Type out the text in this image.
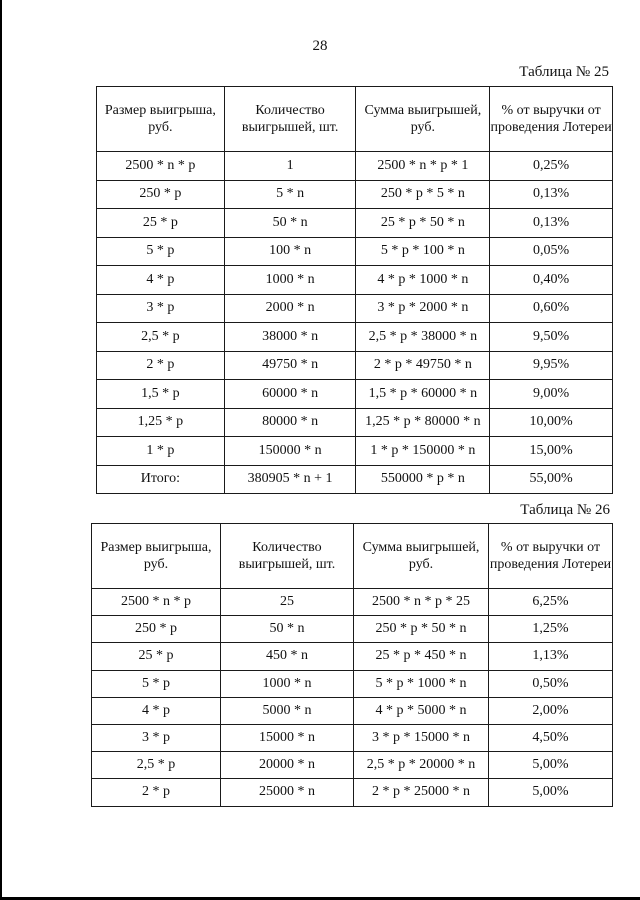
28
Таблица № 25
Размер выигрыша, руб.	Количество выигрышей, шт.	Сумма выигрышей, руб.	% от выручки от проведения Лотереи
2500 * n * p	1	2500 * n * p * 1	0,25%
250 * p	5 * n	250 * p * 5 * n	0,13%
25 * p	50 * n	25 * p * 50 * n	0,13%
5 * p	100 * n	5 * p * 100 * n	0,05%
4 * p	1000 * n	4 * p * 1000 * n	0,40%
3 * p	2000 * n	3 * p * 2000 * n	0,60%
2,5 * p	38000 * n	2,5 * p * 38000 * n	9,50%
2 * p	49750 * n	2 * p * 49750 * n	9,95%
1,5 * p	60000 * n	1,5 * p * 60000 * n	9,00%
1,25 * p	80000 * n	1,25 * p * 80000 * n	10,00%
1 * p	150000 * n	1 * p * 150000 * n	15,00%
Итого:	380905 * n + 1	550000 * p * n	55,00%
Таблица № 26
Размер выигрыша, руб.	Количество выигрышей, шт.	Сумма выигрышей, руб.	% от выручки от проведения Лотереи
2500 * n * p	25	2500 * n * p * 25	6,25%
250 * p	50 * n	250 * p * 50 * n	1,25%
25 * p	450 * n	25 * p * 450 * n	1,13%
5 * p	1000 * n	5 * p * 1000 * n	0,50%
4 * p	5000 * n	4 * p * 5000 * n	2,00%
3 * p	15000 * n	3 * p * 15000 * n	4,50%
2,5 * p	20000 * n	2,5 * p * 20000 * n	5,00%
2 * p	25000 * n	2 * p * 25000 * n	5,00%
